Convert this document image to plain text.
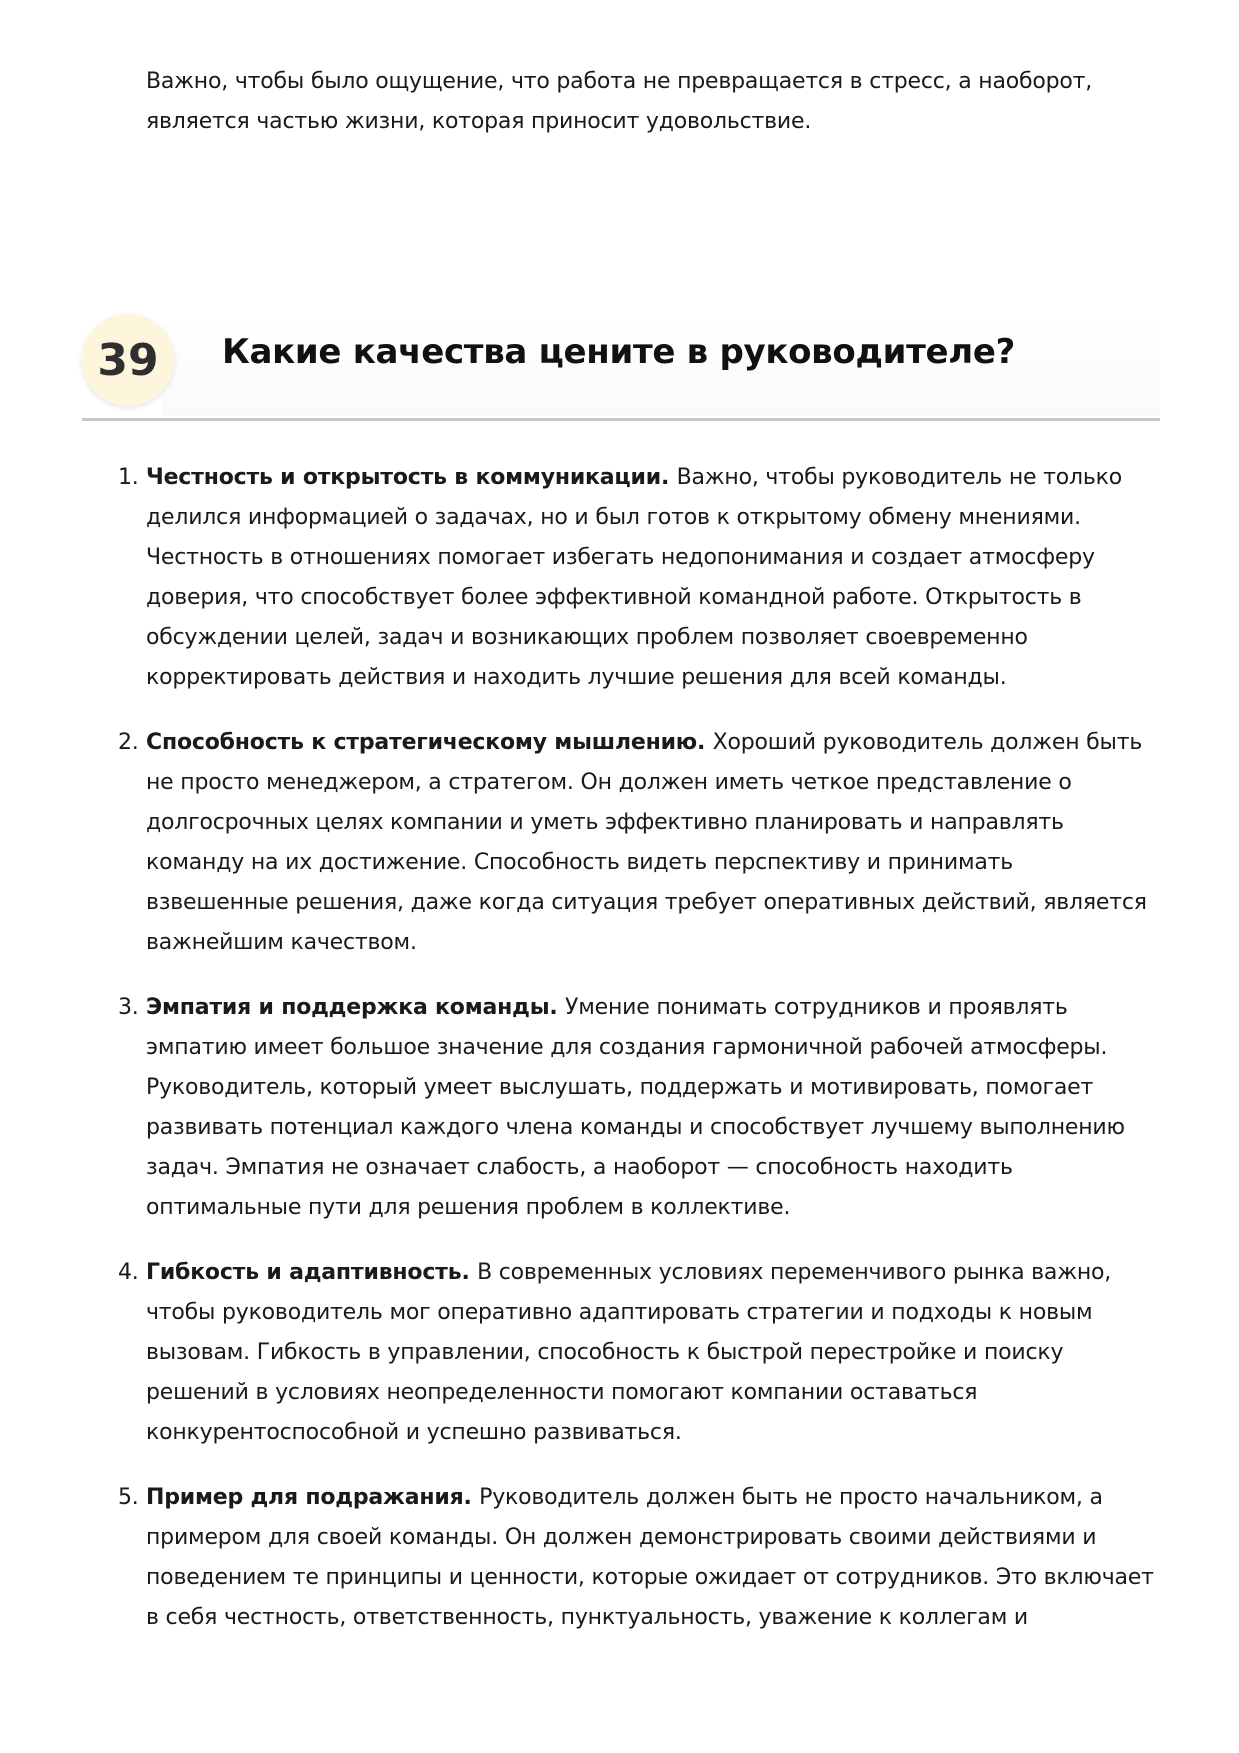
Важно, чтобы было ощущение, что работа не превращается в стресс, а наоборот, является частью жизни, которая приносит удовольствие.

39	Какие качества цените в руководителе?
1. Честность и открытость в коммуникации. Важно, чтобы руководитель не только делился информацией о задачах, но и был готов к открытому обмену мнениями. Честность в отношениях помогает избегать недопонимания и создает атмосферу доверия, что способствует более эффективной командной работе. Открытость в обсуждении целей, задач и возникающих проблем позволяет своевременно корректировать действия и находить лучшие решения для всей команды.
2. Способность к стратегическому мышлению. Хороший руководитель должен быть не просто менеджером, а стратегом. Он должен иметь четкое представление о долгосрочных целях компании и уметь эффективно планировать и направлять команду на их достижение. Способность видеть перспективу и принимать взвешенные решения, даже когда ситуация требует оперативных действий, является важнейшим качеством.
3. Эмпатия и поддержка команды. Умение понимать сотрудников и проявлять эмпатию имеет большое значение для создания гармоничной рабочей атмосферы. Руководитель, который умеет выслушать, поддержать и мотивировать, помогает развивать потенциал каждого члена команды и способствует лучшему выполнению задач. Эмпатия не означает слабость, а наоборот — способность находить оптимальные пути для решения проблем в коллективе.
4. Гибкость и адаптивность. В современных условиях переменчивого рынка важно, чтобы руководитель мог оперативно адаптировать стратегии и подходы к новым вызовам. Гибкость в управлении, способность к быстрой перестройке и поиску решений в условиях неопределенности помогают компании оставаться конкурентоспособной и успешно развиваться.
5. Пример для подражания. Руководитель должен быть не просто начальником, а примером для своей команды. Он должен демонстрировать своими действиями и поведением те принципы и ценности, которые ожидает от сотрудников. Это включает в себя честность, ответственность, пунктуальность, уважение к коллегам и
